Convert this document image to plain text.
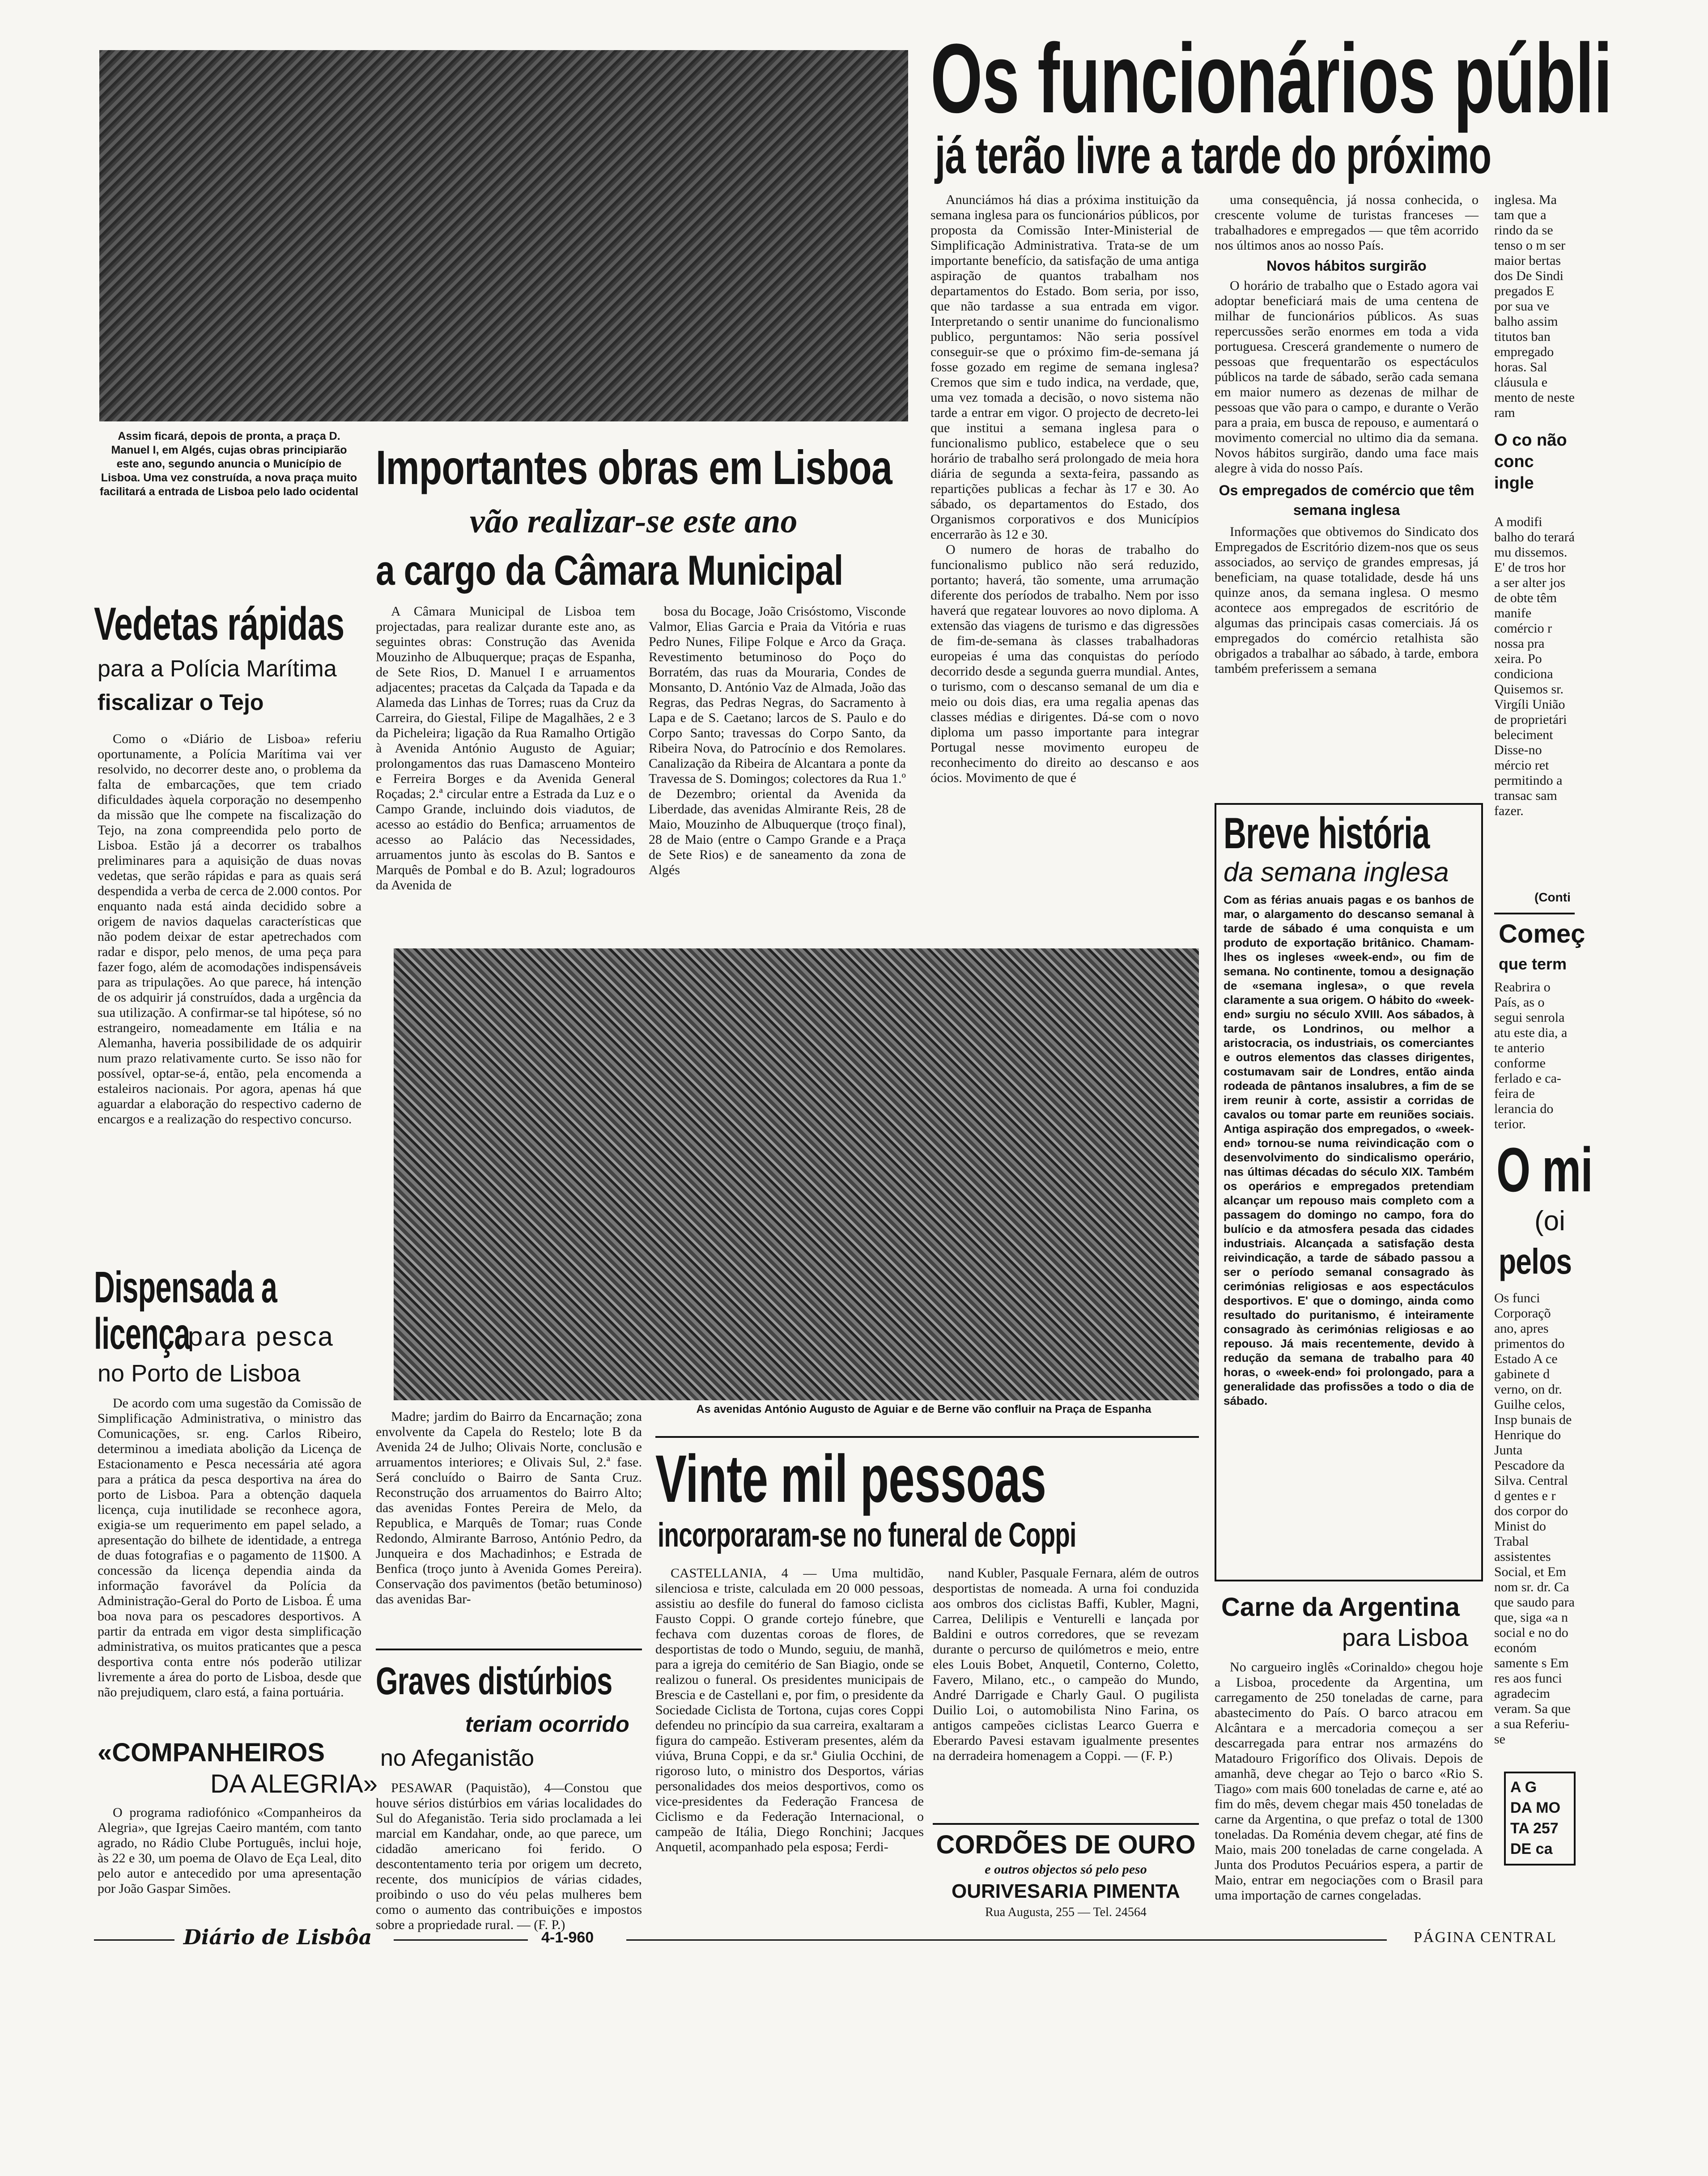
Assim ficará, depois de pronta, a praça D. Manuel I, em Algés, cujas obras principiarão este ano, segundo anuncia o Município de Lisboa. Uma vez construída, a nova praça muito facilitará a entrada de Lisboa pelo lado ocidental Importantes obras em Lisboa
vão realizar-se este ano
a cargo da Câmara Municipal
A Câmara Municipal de Lisboa tem projectadas, para realizar durante este ano, as seguintes obras: Construção das Avenida Mouzinho de Albuquerque; praças de Espanha, de Sete Rios, D. Manuel I e arruamentos adjacentes; pracetas da Calçada da Tapada e da Alameda das Linhas de Torres; ruas da Cruz da Carreira, do Giestal, Filipe de Magalhães, 2 e 3 da Picheleira; ligação da Rua Ramalho Ortigão à Avenida António Augusto de Aguiar; prolongamentos das ruas Damasceno Monteiro e Ferreira Borges e da Avenida General Roçadas; 2.ª circular entre a Estrada da Luz e o Campo Grande, incluindo dois viadutos, de acesso ao estádio do Benfica; arruamentos de acesso ao Palácio das Necessidades, arruamentos junto às escolas do B. Santos e Marquês de Pombal e do B. Azul; logradouros da Avenida de
bosa du Bocage, João Crisóstomo, Visconde Valmor, Elias Garcia e Praia da Vitória e ruas Pedro Nunes, Filipe Folque e Arco da Graça. Revestimento betuminoso do Poço do Borratém, das ruas da Mouraria, Condes de Monsanto, D. António Vaz de Almada, João das Regras, das Pedras Negras, do Sacramento à Lapa e de S. Caetano; larcos de S. Paulo e do Corpo Santo; travessas do Corpo Santo, da Ribeira Nova, do Patrocínio e dos Remolares. Canalização da Ribeira de Alcantara a ponte da Travessa de S. Domingos; colectores da Rua 1.º de Dezembro; oriental da Avenida da Liberdade, das avenidas Almirante Reis, 28 de Maio, Mouzinho de Albuquerque (troço final), 28 de Maio (entre o Campo Grande e a Praça de Sete Rios) e de saneamento da zona de Algés
As avenidas António Augusto de Aguiar e de Berne vão confluir na Praça de Espanha
Madre; jardim do Bairro da Encarnação; zona envolvente da Capela do Restelo; lote B da Avenida 24 de Julho; Olivais Norte, conclusão e arruamentos interiores; e Olivais Sul, 2.ª fase. Será concluído o Bairro de Santa Cruz. Reconstrução dos arruamentos do Bairro Alto; das avenidas Fontes Pereira de Melo, da Republica, e Marquês de Tomar; ruas Conde Redondo, Almirante Barroso, António Pedro, da Junqueira e dos Machadinhos; e Estrada de Benfica (troço junto à Avenida Gomes Pereira). Conservação dos pavimentos (betão betuminoso) das avenidas Bar-
Vedetas rápidas
para a Polícia Marítima
fiscalizar o Tejo
Como o «Diário de Lisboa» referiu oportunamente, a Polícia Marítima vai ver resolvido, no decorrer deste ano, o problema da falta de embarcações, que tem criado dificuldades àquela corporação no desempenho da missão que lhe compete na fiscalização do Tejo, na zona compreendida pelo porto de Lisboa. Estão já a decorrer os trabalhos preliminares para a aquisição de duas novas vedetas, que serão rápidas e para as quais será despendida a verba de cerca de 2.000 contos. Por enquanto nada está ainda decidido sobre a origem de navios daquelas características que não podem deixar de estar apetrechados com radar e dispor, pelo menos, de uma peça para fazer fogo, além de acomodações indispensáveis para as tripulações. Ao que parece, há intenção de os adquirir já construídos, dada a urgência da sua utilização. A confirmar-se tal hipótese, só no estrangeiro, nomeadamente em Itália e na Alemanha, haveria possibilidade de os adquirir num prazo relativamente curto. Se isso não for possível, optar-se-á, então, pela encomenda a estaleiros nacionais. Por agora, apenas há que aguardar a elaboração do respectivo caderno de encargos e a realização do respectivo concurso.
Dispensada a licença
para pesca
no Porto de Lisboa
De acordo com uma sugestão da Comissão de Simplificação Administrativa, o ministro das Comunicações, sr. eng. Carlos Ribeiro, determinou a imediata abolição da Licença de Estacionamento e Pesca necessária até agora para a prática da pesca desportiva na área do porto de Lisboa. Para a obtenção daquela licença, cuja inutilidade se reconhece agora, exigia-se um requerimento em papel selado, a apresentação do bilhete de identidade, a entrega de duas fotografias e o pagamento de 11$00. A concessão da licença dependia ainda da informação favorável da Polícia da Administração-Geral do Porto de Lisboa. É uma boa nova para os pescadores desportivos. A partir da entrada em vigor desta simplificação administrativa, os muitos praticantes que a pesca desportiva conta entre nós poderão utilizar livremente a área do porto de Lisboa, desde que não prejudiquem, claro está, a faina portuária.
«COMPANHEIROS
DA ALEGRIA»
O programa radiofónico «Companheiros da Alegria», que Igrejas Caeiro mantém, com tanto agrado, no Rádio Clube Português, inclui hoje, às 22 e 30, um poema de Olavo de Eça Leal, dito pelo autor e antecedido por uma apresentação por João Gaspar Simões.
Graves distúrbios
teriam ocorrido
no Afeganistão
PESAWAR (Paquistão), 4—Constou que houve sérios distúrbios em várias localidades do Sul do Afeganistão. Teria sido proclamada a lei marcial em Kandahar, onde, ao que parece, um cidadão americano foi ferido. O descontentamento teria por origem um decreto, recente, dos municípios de várias cidades, proibindo o uso do véu pelas mulheres bem como o aumento das contribuições e impostos sobre a propriedade rural. — (F. P.)
Vinte mil pessoas
incorporaram-se no funeral de Coppi
CASTELLANIA, 4 — Uma multidão, silenciosa e triste, calculada em 20 000 pessoas, assistiu ao desfile do funeral do famoso ciclista Fausto Coppi. O grande cortejo fúnebre, que fechava com duzentas coroas de flores, de desportistas de todo o Mundo, seguiu, de manhã, para a igreja do cemitério de San Biagio, onde se realizou o funeral. Os presidentes municipais de Brescia e de Castellani e, por fim, o presidente da Sociedade Ciclista de Tortona, cujas cores Coppi defendeu no princípio da sua carreira, exaltaram a figura do campeão. Estiveram presentes, além da viúva, Bruna Coppi, e da sr.ª Giulia Occhini, de rigoroso luto, o ministro dos Desportos, várias personalidades dos meios desportivos, como os vice-presidentes da Federação Francesa de Ciclismo e da Federação Internacional, o campeão de Itália, Diego Ronchini; Jacques Anquetil, acompanhado pela esposa; Ferdi-
nand Kubler, Pasquale Fernara, além de outros desportistas de nomeada. A urna foi conduzida aos ombros dos ciclistas Baffi, Kubler, Magni, Carrea, Delilipis e Venturelli e lançada por Baldini e outros corredores, que se revezam durante o percurso de quilómetros e meio, entre eles Louis Bobet, Anquetil, Conterno, Coletto, Favero, Milano, etc., o campeão do Mundo, André Darrigade e Charly Gaul. O pugilista Duilio Loi, o automobilista Nino Farina, os antigos campeões ciclistas Learco Guerra e Eberardo Pavesi estavam igualmente presentes na derradeira homenagem a Coppi. — (F. P.)
CORDÕES DE OURO
e outros objectos só pelo peso
OURIVESARIA PIMENTA
Rua Augusta, 255 — Tel. 24564
Os funcionários públi
já terão livre a tarde do próximo

Anunciámos há dias a próxima instituição da semana inglesa para os funcionários públicos, por proposta da Comissão Inter-Ministerial de Simplificação Administrativa. Trata-se de um importante benefício, da satisfação de uma antiga aspiração de quantos trabalham nos departamentos do Estado. Bom seria, por isso, que não tardasse a sua entrada em vigor. Interpretando o sentir unanime do funcionalismo publico, perguntamos: Não seria possível conseguir-se que o próximo fim-de-semana já fosse gozado em regime de semana inglesa? Cremos que sim e tudo indica, na verdade, que, uma vez tomada a decisão, o novo sistema não tarde a entrar em vigor. O projecto de decreto-lei que institui a semana inglesa para o funcionalismo publico, estabelece que o seu horário de trabalho será prolongado de meia hora diária de segunda a sexta-feira, passando as repartições publicas a fechar às 17 e 30. Ao sábado, os departamentos do Estado, dos Organismos corporativos e dos Municípios encerrarão às 12 e 30.

O numero de horas de trabalho do funcionalismo publico não será reduzido, portanto; haverá, tão somente, uma arrumação diferente dos períodos de trabalho. Nem por isso haverá que regatear louvores ao novo diploma. A extensão das viagens de turismo e das digressões de fim-de-semana às classes trabalhadoras europeias é uma das conquistas do período decorrido desde a segunda guerra mundial. Antes, o turismo, com o descanso semanal de um dia e meio ou dois dias, era uma regalia apenas das classes médias e dirigentes. Dá-se com o novo diploma um passo importante para integrar Portugal nesse movimento europeu de reconhecimento do direito ao descanso e aos ócios. Movimento de que é

uma consequência, já nossa conhecida, o crescente volume de turistas franceses — trabalhadores e empregados — que têm acorrido nos últimos anos ao nosso País.

Novos hábitos surgirão

O horário de trabalho que o Estado agora vai adoptar beneficiará mais de uma centena de milhar de funcionários públicos. As suas repercussões serão enormes em toda a vida portuguesa. Crescerá grandemente o numero de pessoas que frequentarão os espectáculos públicos na tarde de sábado, serão cada semana em maior numero as dezenas de milhar de pessoas que vão para o campo, e durante o Verão para a praia, em busca de repouso, e aumentará o movimento comercial no ultimo dia da semana. Novos hábitos surgirão, dando uma face mais alegre à vida do nosso País.

Os empregados de comércio que têm semana inglesa

Informações que obtivemos do Sindicato dos Empregados de Escritório dizem-nos que os seus associados, ao serviço de grandes empresas, já beneficiam, na quase totalidade, desde há uns quinze anos, da semana inglesa. O mesmo acontece aos empregados de escritório de algumas das principais casas comerciais. Já os empregados do comércio retalhista são obrigados a trabalhar ao sábado, à tarde, embora também preferissem a semana

inglesa. Ma tam que a rindo da se tenso o m ser maior bertas dos De Sindi pregados E por sua ve balho assim titutos ban empregado horas. Sal cláusula e mento de neste ram
O co não conc ingle
A modifi balho do terará mu dissemos. E' de tros hor a ser alter jos de obte têm manife comércio r nossa pra xeira. Po condiciona Quisemos sr. Virgíli União de proprietári beleciment Disse-no mércio ret permitindo a transac sam fazer.
Breve história
da semana inglesa
Com as férias anuais pagas e os banhos de mar, o alargamento do descanso semanal à tarde de sábado é uma conquista e um produto de exportação britânico. Chamam-lhes os ingleses «week-end», ou fim de semana. No continente, tomou a designação de «semana inglesa», o que revela claramente a sua origem. O hábito do «week-end» surgiu no século XVIII. Aos sábados, à tarde, os Londrinos, ou melhor a aristocracia, os industriais, os comerciantes e outros elementos das classes dirigentes, costumavam sair de Londres, então ainda rodeada de pântanos insalubres, a fim de se irem reunir à corte, assistir a corridas de cavalos ou tomar parte em reuniões sociais. Antiga aspiração dos empregados, o «week-end» tornou-se numa reivindicação com o desenvolvimento do sindicalismo operário, nas últimas décadas do século XIX. Também os operários e empregados pretendiam alcançar um repouso mais completo com a passagem do domingo no campo, fora do bulício e da atmosfera pesada das cidades industriais. Alcançada a satisfação desta reivindicação, a tarde de sábado passou a ser o período semanal consagrado às cerimónias religiosas e aos espectáculos desportivos. E' que o domingo, ainda como resultado do puritanismo, é inteiramente consagrado às cerimónias religiosas e ao repouso. Já mais recentemente, devido à redução da semana de trabalho para 40 horas, o «week-end» foi prolongado, para a generalidade das profissões a todo o dia de sábado.
Carne da Argentina
para Lisboa
No cargueiro inglês «Corinaldo» chegou hoje a Lisboa, procedente da Argentina, um carregamento de 250 toneladas de carne, para abastecimento do País. O barco atracou em Alcântara e a mercadoria começou a ser descarregada para entrar nos armazéns do Matadouro Frigorífico dos Olivais. Depois de amanhã, deve chegar ao Tejo o barco «Rio S. Tiago» com mais 600 toneladas de carne e, até ao fim do mês, devem chegar mais 450 toneladas de carne da Argentina, o que prefaz o total de 1300 toneladas. Da Roménia devem chegar, até fins de Maio, mais 200 toneladas de carne congelada. A Junta dos Produtos Pecuários espera, a partir de Maio, entrar em negociações com o Brasil para uma importação de carnes congeladas.
(Conti
Começ
que term
Reabrira o País, as o segui senrola atu este dia, a te anterio conforme ferlado e ca-feira de lerancia do terior.
O mi
(oi
pelos
Os funci Corporaçõ ano, apres primentos do Estado A ce gabinete d verno, on dr. Guilhe celos, Insp bunais de Henrique do Junta Pescadore da Silva. Central d gentes e r dos corpor do Minist do Trabal assistentes Social, et Em nom sr. dr. Ca que saudo para que, siga «a n social e no do económ samente s Em res aos funci agradecim veram. Sa que a sua Referiu-se
A G
DA MO
TA 257
DE ca
Diário de Lisbôa	4-1-960	PÁGINA CENTRAL
